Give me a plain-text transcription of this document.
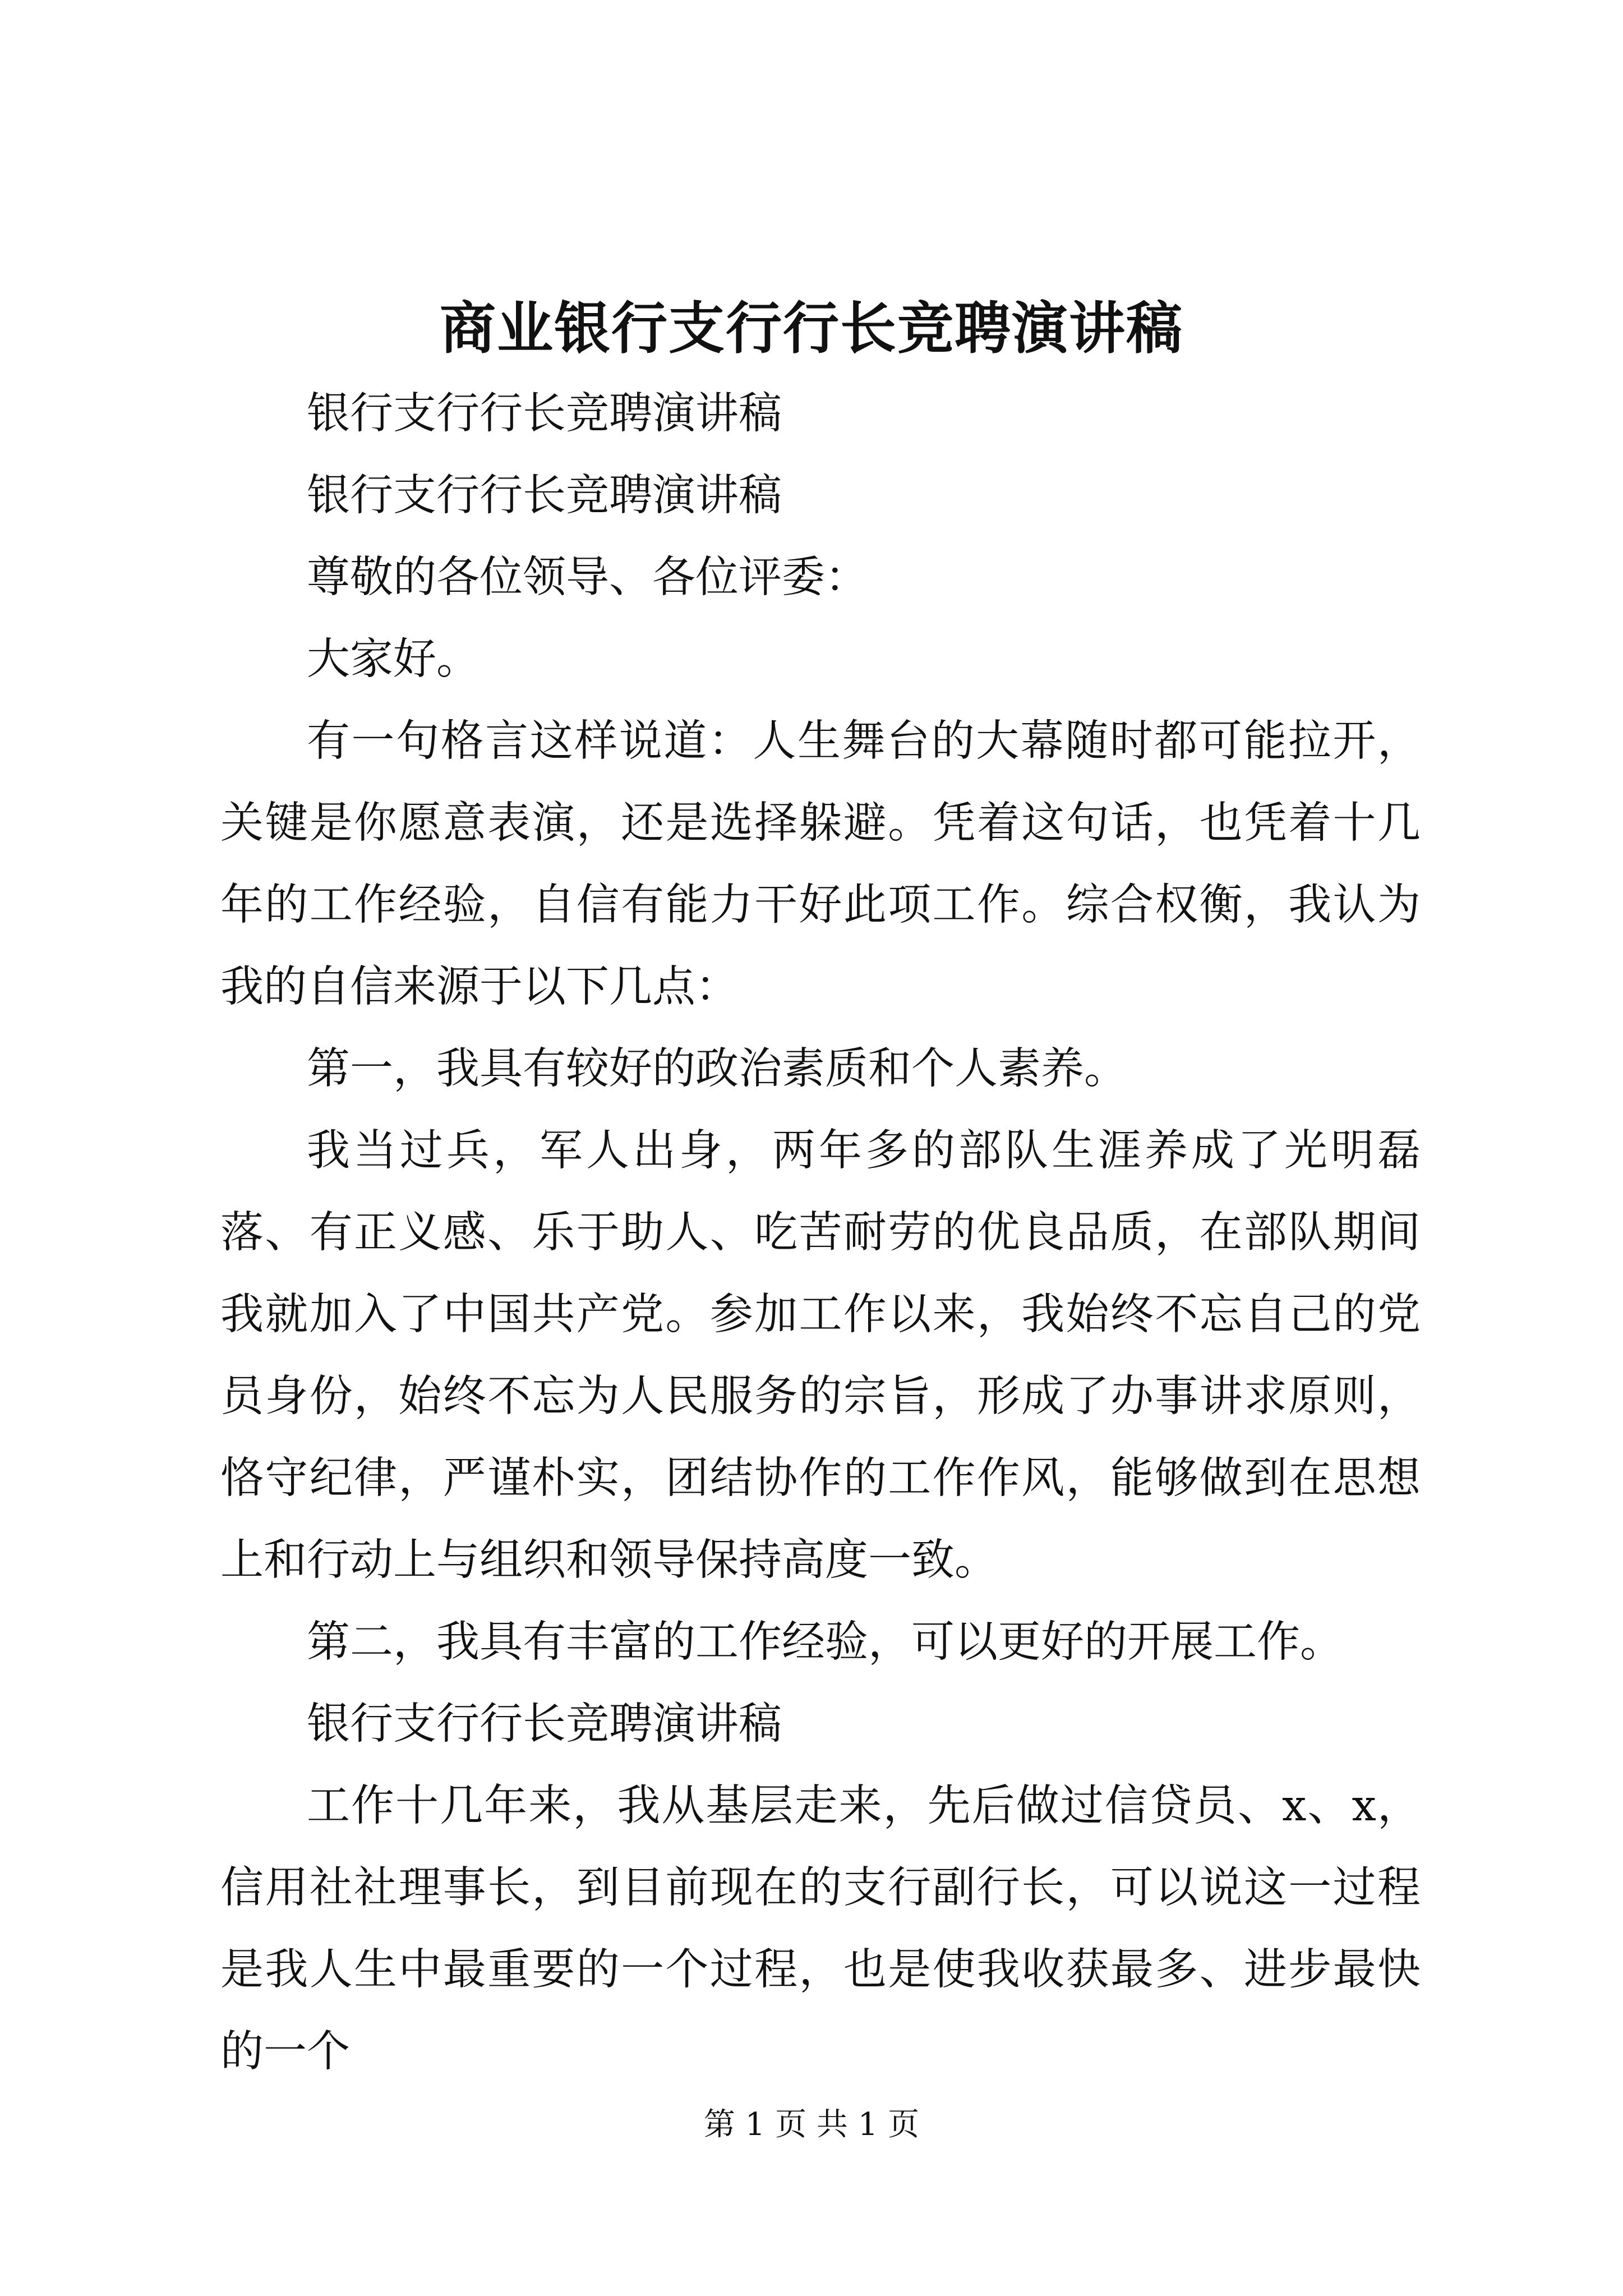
商业银行支行行长竞聘演讲稿

银行支行行长竞聘演讲稿

银行支行行长竞聘演讲稿

尊敬的各位领导、各位评委：

大家好。

有一句格言这样说道：人生舞台的大幕随时都可能拉开，关键是你愿意表演，还是选择躲避。凭着这句话，也凭着十几年的工作经验，自信有能力干好此项工作。综合权衡，我认为我的自信来源于以下几点：

第一，我具有较好的政治素质和个人素养。

我当过兵，军人出身，两年多的部队生涯养成了光明磊落、有正义感、乐于助人、吃苦耐劳的优良品质，在部队期间我就加入了中国共产党。参加工作以来，我始终不忘自己的党员身份，始终不忘为人民服务的宗旨，形成了办事讲求原则，恪守纪律，严谨朴实，团结协作的工作作风，能够做到在思想上和行动上与组织和领导保持高度一致。

第二，我具有丰富的工作经验，可以更好的开展工作。

银行支行行长竞聘演讲稿

工作十几年来，我从基层走来，先后做过信贷员、x、x，信用社社理事长，到目前现在的支行副行长，可以说这一过程是我人生中最重要的一个过程，也是使我收获最多、进步最快的一个

第 1 页 共 1 页
